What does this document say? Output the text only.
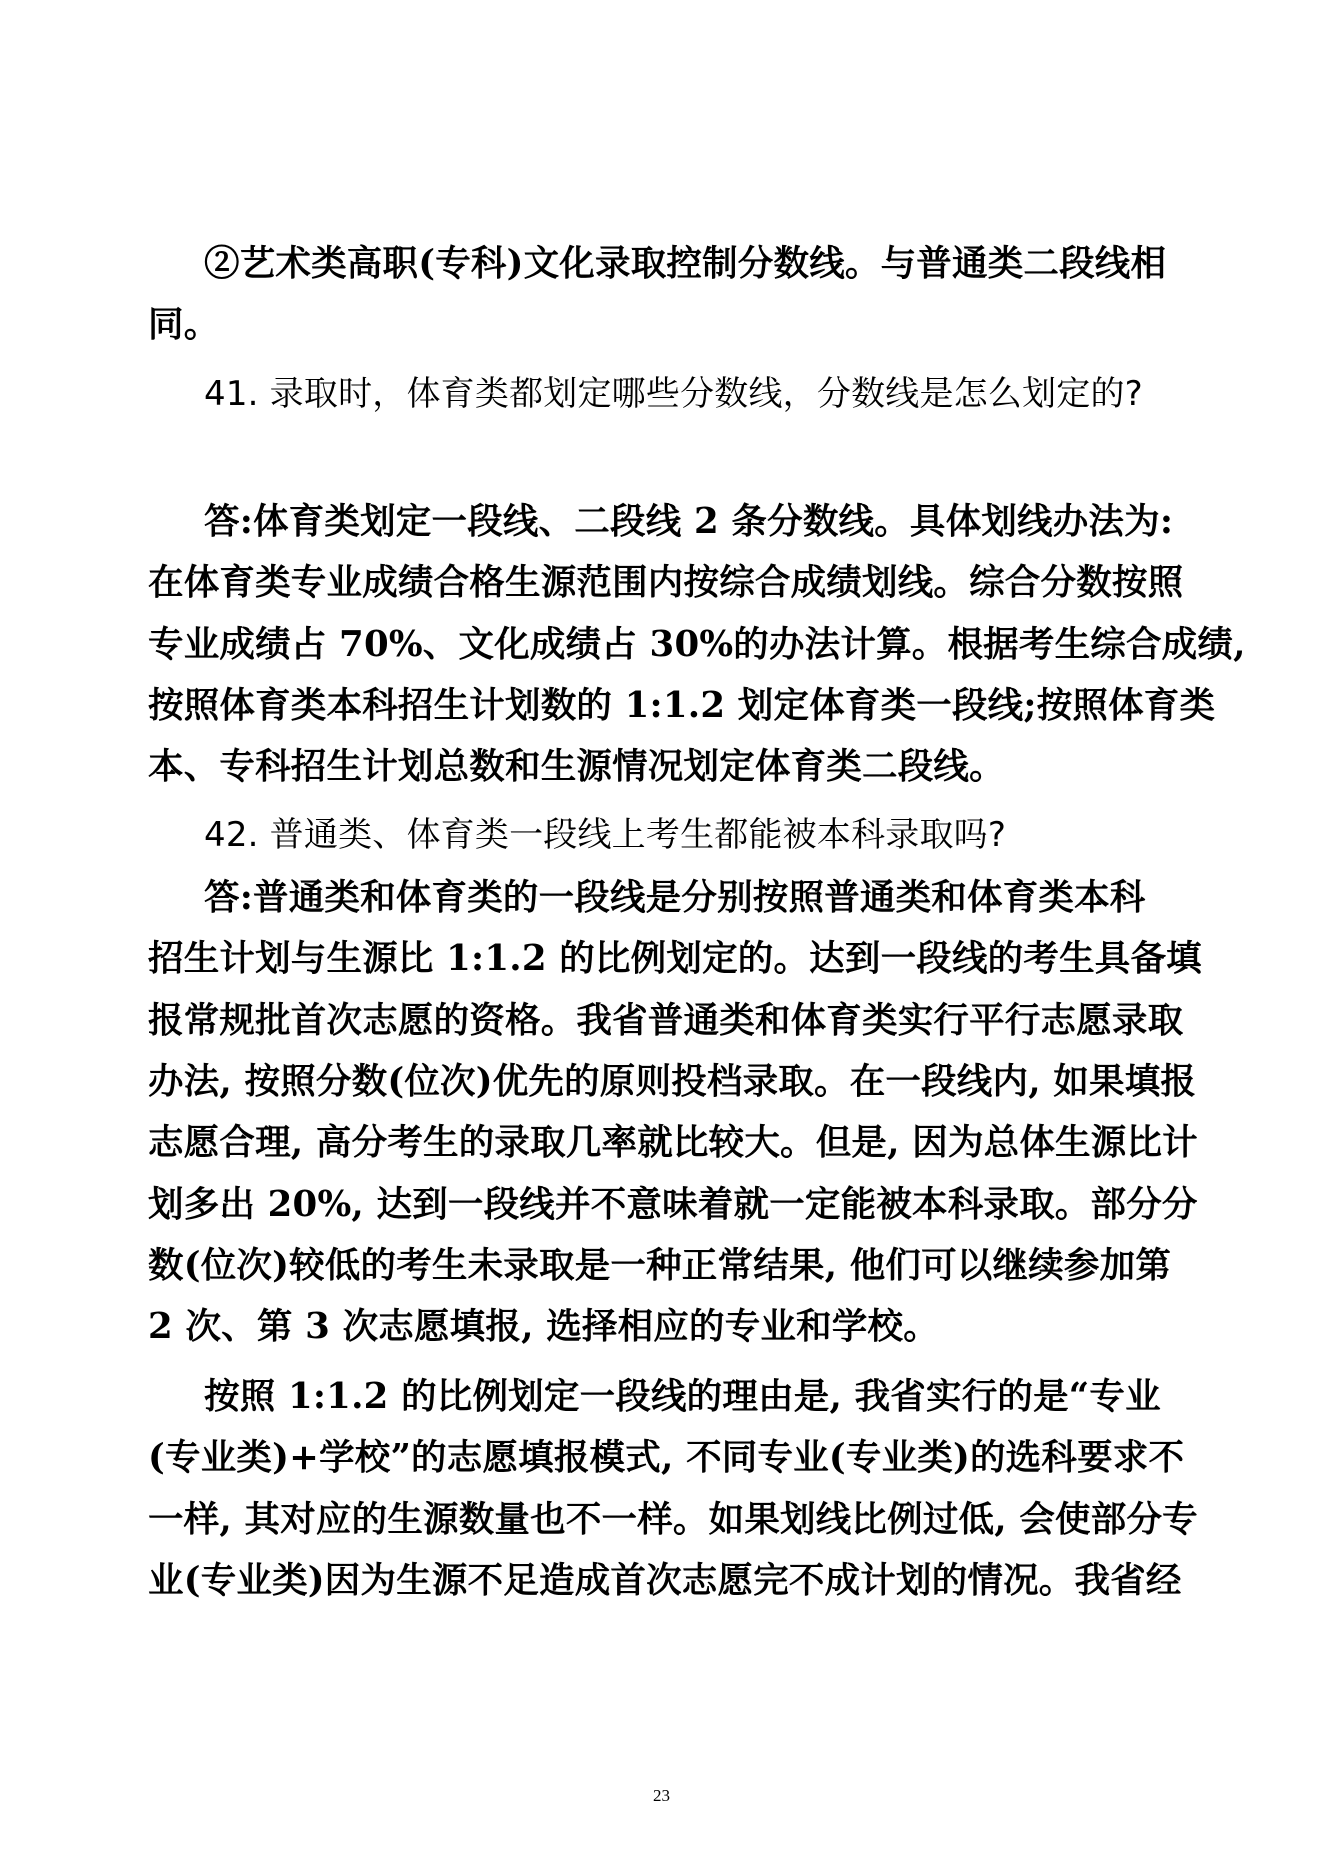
②艺术类高职(专科)文化录取控制分数线。与普通类二段线相
同。
41. 录取时，体育类都划定哪些分数线，分数线是怎么划定的?
答:体育类划定一段线、二段线 2 条分数线。具体划线办法为:
在体育类专业成绩合格生源范围内按综合成绩划线。综合分数按照
专业成绩占 70%、文化成绩占 30%的办法计算。根据考生综合成绩,
按照体育类本科招生计划数的 1:1.2 划定体育类一段线;按照体育类
本、专科招生计划总数和生源情况划定体育类二段线。
42. 普通类、体育类一段线上考生都能被本科录取吗?
答:普通类和体育类的一段线是分别按照普通类和体育类本科
招生计划与生源比 1:1.2 的比例划定的。达到一段线的考生具备填
报常规批首次志愿的资格。我省普通类和体育类实行平行志愿录取
办法, 按照分数(位次)优先的原则投档录取。在一段线内, 如果填报
志愿合理, 高分考生的录取几率就比较大。但是, 因为总体生源比计
划多出 20%, 达到一段线并不意味着就一定能被本科录取。部分分
数(位次)较低的考生未录取是一种正常结果, 他们可以继续参加第
2 次、第 3 次志愿填报, 选择相应的专业和学校。
按照 1:1.2 的比例划定一段线的理由是, 我省实行的是“专业
(专业类)+学校”的志愿填报模式, 不同专业(专业类)的选科要求不
一样, 其对应的生源数量也不一样。如果划线比例过低, 会使部分专
业(专业类)因为生源不足造成首次志愿完不成计划的情况。我省经
23
